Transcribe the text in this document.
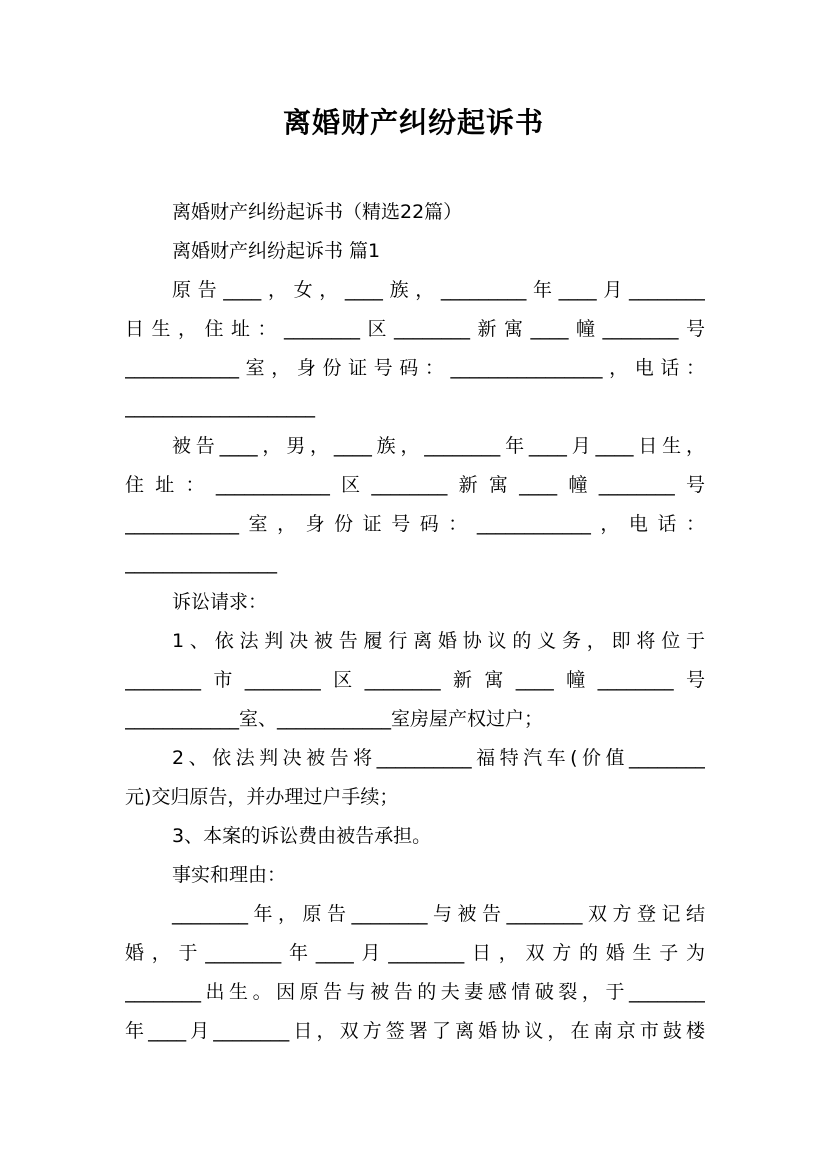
离婚财产纠纷起诉书
离婚财产纠纷起诉书（精选22篇）
离婚财产纠纷起诉书 篇1
原告____，女，____族，_________年____月________
日生，住址：________区________新寓____幢________号
____________室，身份证号码：________________，电话：
____________________
被告____，男，____族，________年____月____日生，
住址：____________区________新寓____幢________号
____________室，身份证号码：____________，电话：
________________
诉讼请求：
1、依法判决被告履行离婚协议的义务，即将位于
________市________区________新寓____幢________号
____________室、____________室房屋产权过户；
2、依法判决被告将__________福特汽车(价值________
元)交归原告，并办理过户手续；
3、本案的诉讼费由被告承担。
事实和理由：
________年，原告________与被告________双方登记结
婚，于________年____月________日，双方的婚生子为
________出生。因原告与被告的夫妻感情破裂，于________
年____月________日，双方签署了离婚协议，在南京市鼓楼
